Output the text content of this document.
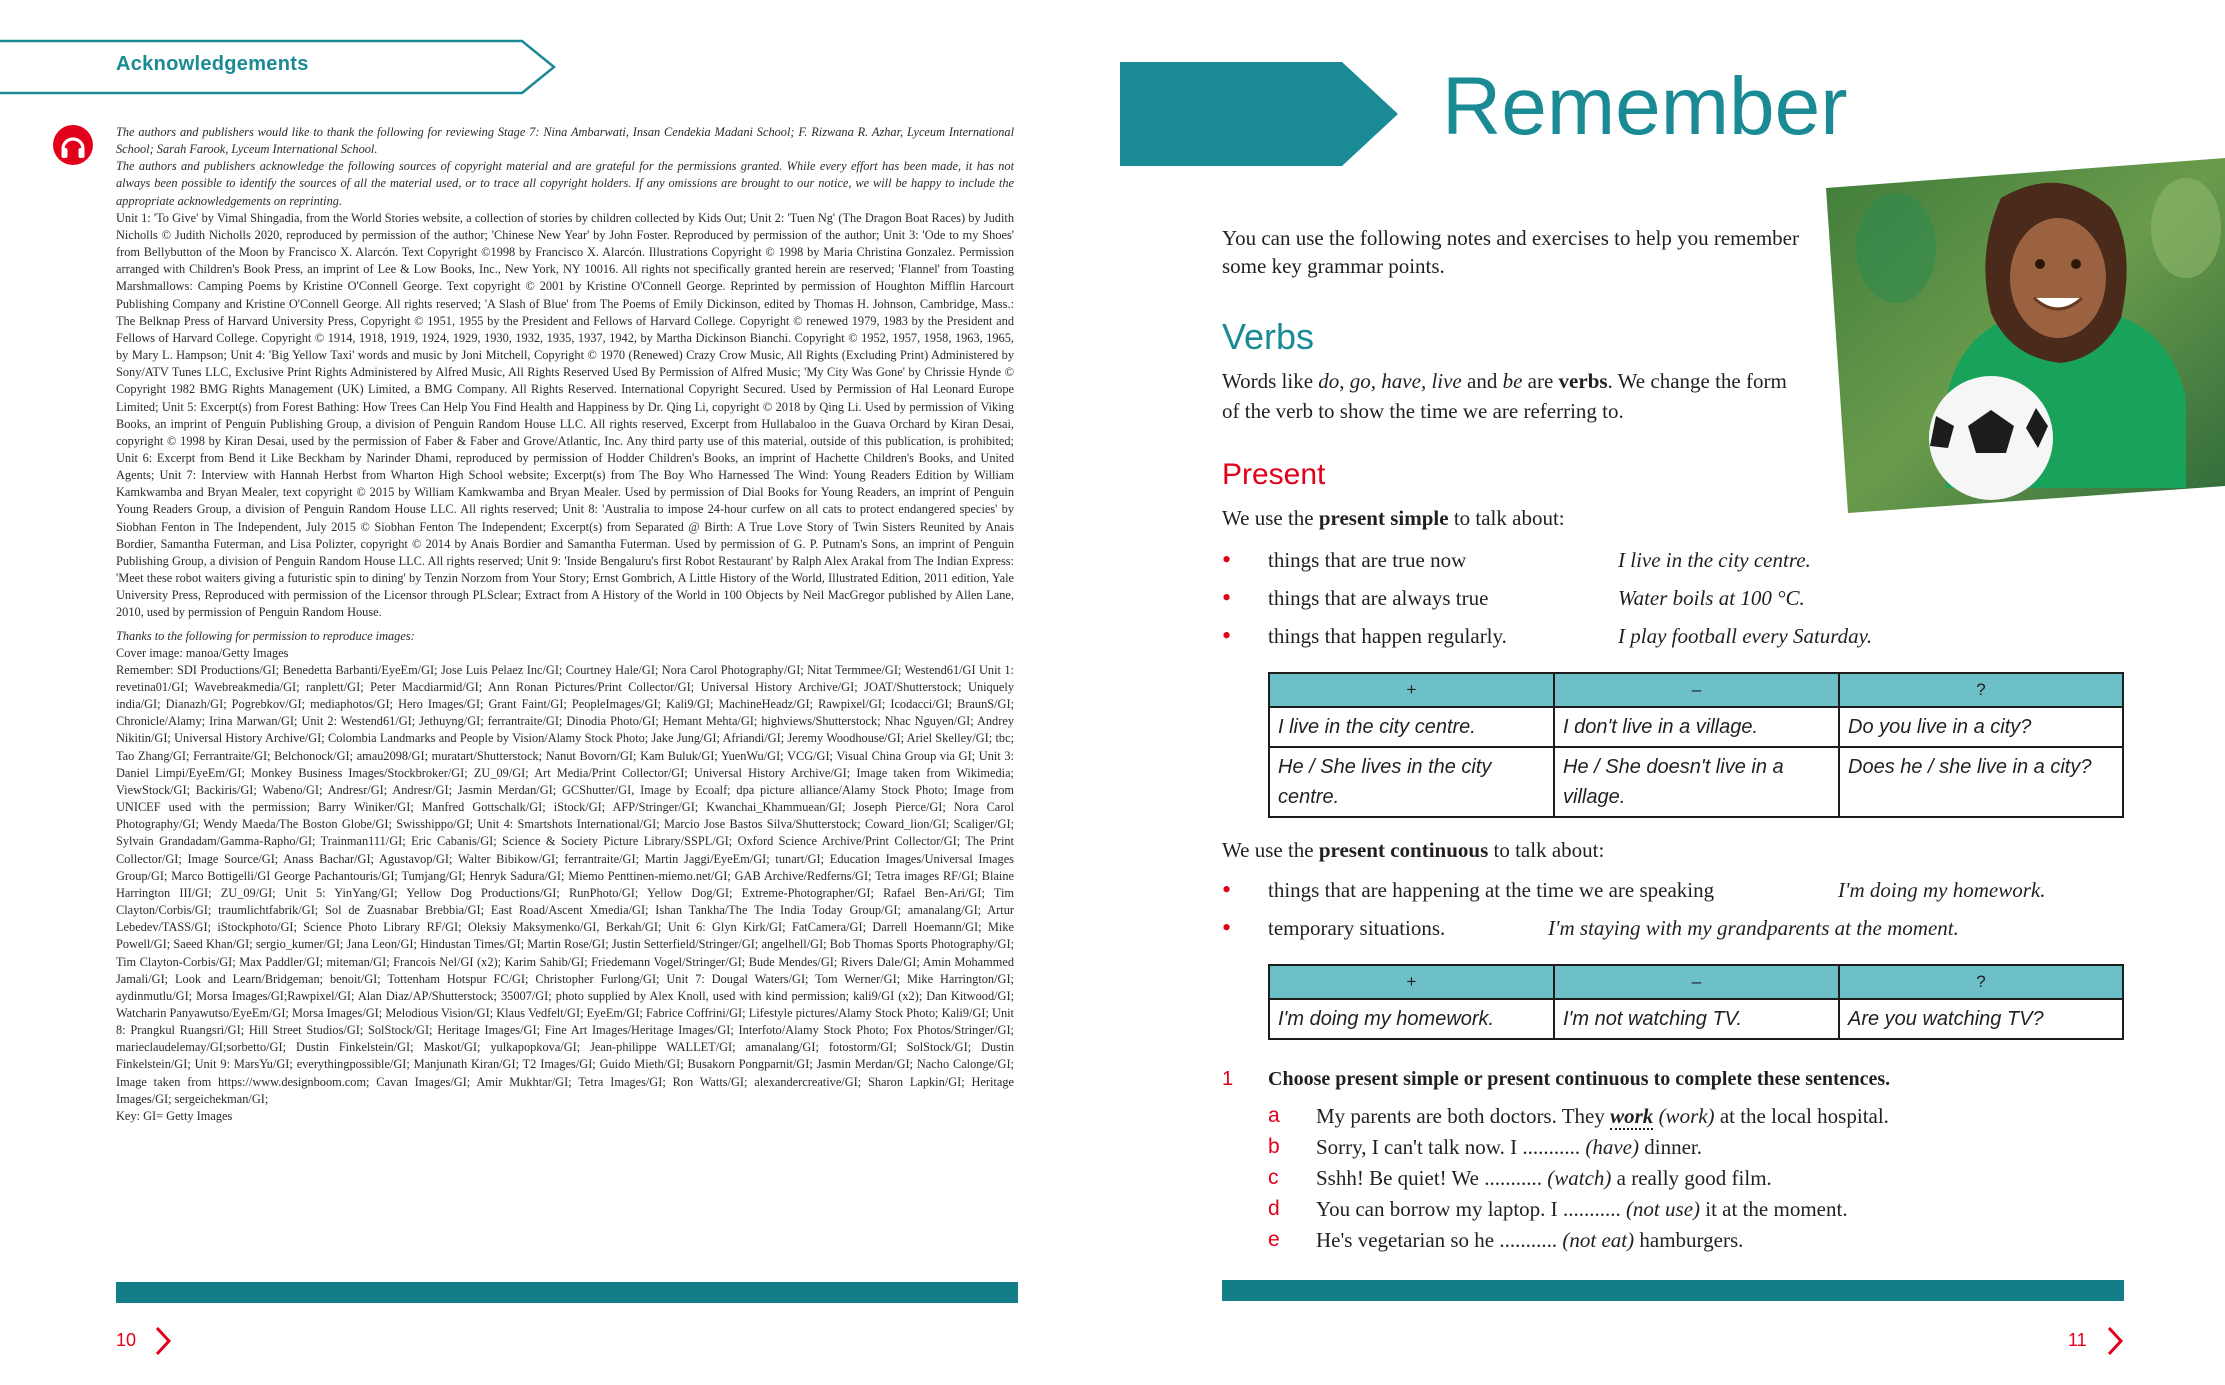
Acknowledgements

The authors and publishers would like to thank the following for reviewing Stage 7: Nina Ambarwati, Insan Cendekia Madani School; F. Rizwana R. Azhar, Lyceum International School; Sarah Farook, Lyceum International School.

The authors and publishers acknowledge the following sources of copyright material and are grateful for the permissions granted. While every effort has been made, it has not always been possible to identify the sources of all the material used, or to trace all copyright holders. If any omissions are brought to our notice, we will be happy to include the appropriate acknowledgements on reprinting.

Unit 1: 'To Give' by Vimal Shingadia, from the World Stories website, a collection of stories by children collected by Kids Out; Unit 2: 'Tuen Ng' (The Dragon Boat Races) by Judith Nicholls © Judith Nicholls 2020, reproduced by permission of the author; 'Chinese New Year' by John Foster. Reproduced by permission of the author; Unit 3: 'Ode to my Shoes' from Bellybutton of the Moon by Francisco X. Alarcón. Text Copyright ©1998 by Francisco X. Alarcón. Illustrations Copyright © 1998 by Maria Christina Gonzalez. Permission arranged with Children's Book Press, an imprint of Lee & Low Books, Inc., New York, NY 10016. All rights not specifically granted herein are reserved; 'Flannel' from Toasting Marshmallows: Camping Poems by Kristine O'Connell George. Text copyright © 2001 by Kristine O'Connell George. Reprinted by permission of Houghton Mifflin Harcourt Publishing Company and Kristine O'Connell George. All rights reserved; 'A Slash of Blue' from The Poems of Emily Dickinson, edited by Thomas H. Johnson, Cambridge, Mass.: The Belknap Press of Harvard University Press, Copyright © 1951, 1955 by the President and Fellows of Harvard College. Copyright © renewed 1979, 1983 by the President and Fellows of Harvard College. Copyright © 1914, 1918, 1919, 1924, 1929, 1930, 1932, 1935, 1937, 1942, by Martha Dickinson Bianchi. Copyright © 1952, 1957, 1958, 1963, 1965, by Mary L. Hampson; Unit 4: 'Big Yellow Taxi' words and music by Joni Mitchell, Copyright © 1970 (Renewed) Crazy Crow Music, All Rights (Excluding Print) Administered by Sony/ATV Tunes LLC, Exclusive Print Rights Administered by Alfred Music, All Rights Reserved Used By Permission of Alfred Music; 'My City Was Gone' by Chrissie Hynde © Copyright 1982 BMG Rights Management (UK) Limited, a BMG Company. All Rights Reserved. International Copyright Secured. Used by Permission of Hal Leonard Europe Limited; Unit 5: Excerpt(s) from Forest Bathing: How Trees Can Help You Find Health and Happiness by Dr. Qing Li, copyright © 2018 by Qing Li. Used by permission of Viking Books, an imprint of Penguin Publishing Group, a division of Penguin Random House LLC. All rights reserved, Excerpt from Hullabaloo in the Guava Orchard by Kiran Desai, copyright © 1998 by Kiran Desai, used by the permission of Faber & Faber and Grove/Atlantic, Inc. Any third party use of this material, outside of this publication, is prohibited; Unit 6: Excerpt from Bend it Like Beckham by Narinder Dhami, reproduced by permission of Hodder Children's Books, an imprint of Hachette Children's Books, and United Agents; Unit 7: Interview with Hannah Herbst from Wharton High School website; Excerpt(s) from The Boy Who Harnessed The Wind: Young Readers Edition by William Kamkwamba and Bryan Mealer, text copyright © 2015 by William Kamkwamba and Bryan Mealer. Used by permission of Dial Books for Young Readers, an imprint of Penguin Young Readers Group, a division of Penguin Random House LLC. All rights reserved; Unit 8: 'Australia to impose 24-hour curfew on all cats to protect endangered species' by Siobhan Fenton in The Independent, July 2015 © Siobhan Fenton The Independent; Excerpt(s) from Separated @ Birth: A True Love Story of Twin Sisters Reunited by Anais Bordier, Samantha Futerman, and Lisa Polizter, copyright © 2014 by Anais Bordier and Samantha Futerman. Used by permission of G. P. Putnam's Sons, an imprint of Penguin Publishing Group, a division of Penguin Random House LLC. All rights reserved; Unit 9: 'Inside Bengaluru's first Robot Restaurant' by Ralph Alex Arakal from The Indian Express: 'Meet these robot waiters giving a futuristic spin to dining' by Tenzin Norzom from Your Story; Ernst Gombrich, A Little History of the World, Illustrated Edition, 2011 edition, Yale University Press, Reproduced with permission of the Licensor through PLSclear; Extract from A History of the World in 100 Objects by Neil MacGregor published by Allen Lane, 2010, used by permission of Penguin Random House.

Thanks to the following for permission to reproduce images:

Cover image: manoa/Getty Images

Remember: SDI Productions/GI; Benedetta Barbanti/EyeEm/GI; Jose Luis Pelaez Inc/GI; Courtney Hale/GI; Nora Carol Photography/GI; Nitat Termmee/GI; Westend61/GI Unit 1: revetina01/GI; Wavebreakmedia/GI; ranplett/GI; Peter Macdiarmid/GI; Ann Ronan Pictures/Print Collector/GI; Universal History Archive/GI; JOAT/Shutterstock; Uniquely india/GI; Dianazh/GI; Pogrebkov/GI; mediaphotos/GI; Hero Images/GI; Grant Faint/GI; PeopleImages/GI; Kali9/GI; MachineHeadz/GI; Rawpixel/GI; Icodacci/GI; BraunS/GI; Chronicle/Alamy; Irina Marwan/GI; Unit 2: Westend61/GI; Jethuyng/GI; ferrantraite/GI; Dinodia Photo/GI; Hemant Mehta/GI; highviews/Shutterstock; Nhac Nguyen/GI; Andrey Nikitin/GI; Universal History Archive/GI; Colombia Landmarks and People by Vision/Alamy Stock Photo; Jake Jung/GI; Afriandi/GI; Jeremy Woodhouse/GI; Ariel Skelley/GI; tbc; Tao Zhang/GI; Ferrantraite/GI; Belchonock/GI; amau2098/GI; muratart/Shutterstock; Nanut Bovorn/GI; Kam Buluk/GI; YuenWu/GI; VCG/GI; Visual China Group via GI; Unit 3: Daniel Limpi/EyeEm/GI; Monkey Business Images/Stockbroker/GI; ZU_09/GI; Art Media/Print Collector/GI; Universal History Archive/GI; Image taken from Wikimedia; ViewStock/GI; Backiris/GI; Wabeno/GI; Andresr/GI; Andresr/GI; Jasmin Merdan/GI; GCShutter/GI, Image by Ecoalf; dpa picture alliance/Alamy Stock Photo; Image from UNICEF used with the permission; Barry Winiker/GI; Manfred Gottschalk/GI; iStock/GI; AFP/Stringer/GI; Kwanchai_Khammuean/GI; Joseph Pierce/GI; Nora Carol Photography/GI; Wendy Maeda/The Boston Globe/GI; Swisshippo/GI; Unit 4: Smartshots International/GI; Marcio Jose Bastos Silva/Shutterstock; Coward_lion/GI; Scaliger/GI; Sylvain Grandadam/Gamma-Rapho/GI; Trainman111/GI; Eric Cabanis/GI; Science & Society Picture Library/SSPL/GI; Oxford Science Archive/Print Collector/GI; The Print Collector/GI; Image Source/GI; Anass Bachar/GI; Agustavop/GI; Walter Bibikow/GI; ferrantraite/GI; Martin Jaggi/EyeEm/GI; tunart/GI; Education Images/Universal Images Group/GI; Marco Bottigelli/GI George Pachantouris/GI; Tumjang/GI; Henryk Sadura/GI; Miemo Penttinen-miemo.net/GI; GAB Archive/Redferns/GI; Tetra images RF/GI; Blaine Harrington III/GI; ZU_09/GI; Unit 5: YinYang/GI; Yellow Dog Productions/GI; RunPhoto/GI; Yellow Dog/GI; Extreme-Photographer/GI; Rafael Ben-Ari/GI; Tim Clayton/Corbis/GI; traumlichtfabrik/GI; Sol de Zuasnabar Brebbia/GI; East Road/Ascent Xmedia/GI; Ishan Tankha/The The India Today Group/GI; amanalang/GI; Artur Lebedev/TASS/GI; iStockphoto/GI; Science Photo Library RF/GI; Oleksiy Maksymenko/GI, Berkah/GI; Unit 6: Glyn Kirk/GI; FatCamera/GI; Darrell Hoemann/GI; Mike Powell/GI; Saeed Khan/GI; sergio_kumer/GI; Jana Leon/GI; Hindustan Times/GI; Martin Rose/GI; Justin Setterfield/Stringer/GI; angelhell/GI; Bob Thomas Sports Photography/GI; Tim Clayton-Corbis/GI; Max Paddler/GI; miteman/GI; Francois Nel/GI (x2); Karim Sahib/GI; Friedemann Vogel/Stringer/GI; Bude Mendes/GI; Rivers Dale/GI; Amin Mohammed Jamali/GI; Look and Learn/Bridgeman; benoit/GI; Tottenham Hotspur FC/GI; Christopher Furlong/GI; Unit 7: Dougal Waters/GI; Tom Werner/GI; Mike Harrington/GI; aydinmutlu/GI; Morsa Images/GI;Rawpixel/GI; Alan Diaz/AP/Shutterstock; 35007/GI; photo supplied by Alex Knoll, used with kind permission; kali9/GI (x2); Dan Kitwood/GI; Watcharin Panyawutso/EyeEm/GI; Morsa Images/GI; Melodious Vision/GI; Klaus Vedfelt/GI; EyeEm/GI; Fabrice Coffrini/GI; Lifestyle pictures/Alamy Stock Photo; Kali9/GI; Unit 8: Prangkul Ruangsri/GI; Hill Street Studios/GI; SolStock/GI; Heritage Images/GI; Fine Art Images/Heritage Images/GI; Interfoto/Alamy Stock Photo; Fox Photos/Stringer/GI; marieclaudelemay/GI;sorbetto/GI; Dustin Finkelstein/GI; Maskot/GI; yulkapopkova/GI; Jean-philippe WALLET/GI; amanalang/GI; fotostorm/GI; SolStock/GI; Dustin Finkelstein/GI; Unit 9: MarsYu/GI; everythingpossible/GI; Manjunath Kiran/GI; T2 Images/GI; Guido Mieth/GI; Busakorn Pongparnit/GI; Jasmin Merdan/GI; Nacho Calonge/GI; Image taken from https://www.designboom.com; Cavan Images/GI; Amir Mukhtar/GI; Tetra Images/GI; Ron Watts/GI; alexandercreative/GI; Sharon Lapkin/GI; Heritage Images/GI; sergeichekman/GI;

Key: GI= Getty Images

10
Remember
You can use the following notes and exercises to help you remember some key grammar points.
Verbs
Words like do, go, have, live and be are verbs. We change the form of the verb to show the time we are referring to.
Present
We use the present simple to talk about:
• things that are true now	I live in the city centre.
• things that are always true	Water boils at 100 °C.
• things that happen regularly.	I play football every Saturday.
+	–	?
I live in the city centre.	I don't live in a village.	Do you live in a city?
He / She lives in the city centre.	He / She doesn't live in a village.	Does he / she live in a city?
We use the present continuous to talk about:
• things that are happening at the time we are speaking	I'm doing my homework.
• temporary situations.	I'm staying with my grandparents at the moment.
+	–	?
I'm doing my homework.	I'm not watching TV.	Are you watching TV?
1 Choose present simple or present continuous to complete these sentences.
a My parents are both doctors. They work (work) at the local hospital.
b Sorry, I can't talk now. I ........... (have) dinner.
c Sshh! Be quiet! We ........... (watch) a really good film.
d You can borrow my laptop. I ........... (not use) it at the moment.
e He's vegetarian so he ........... (not eat) hamburgers.
11
